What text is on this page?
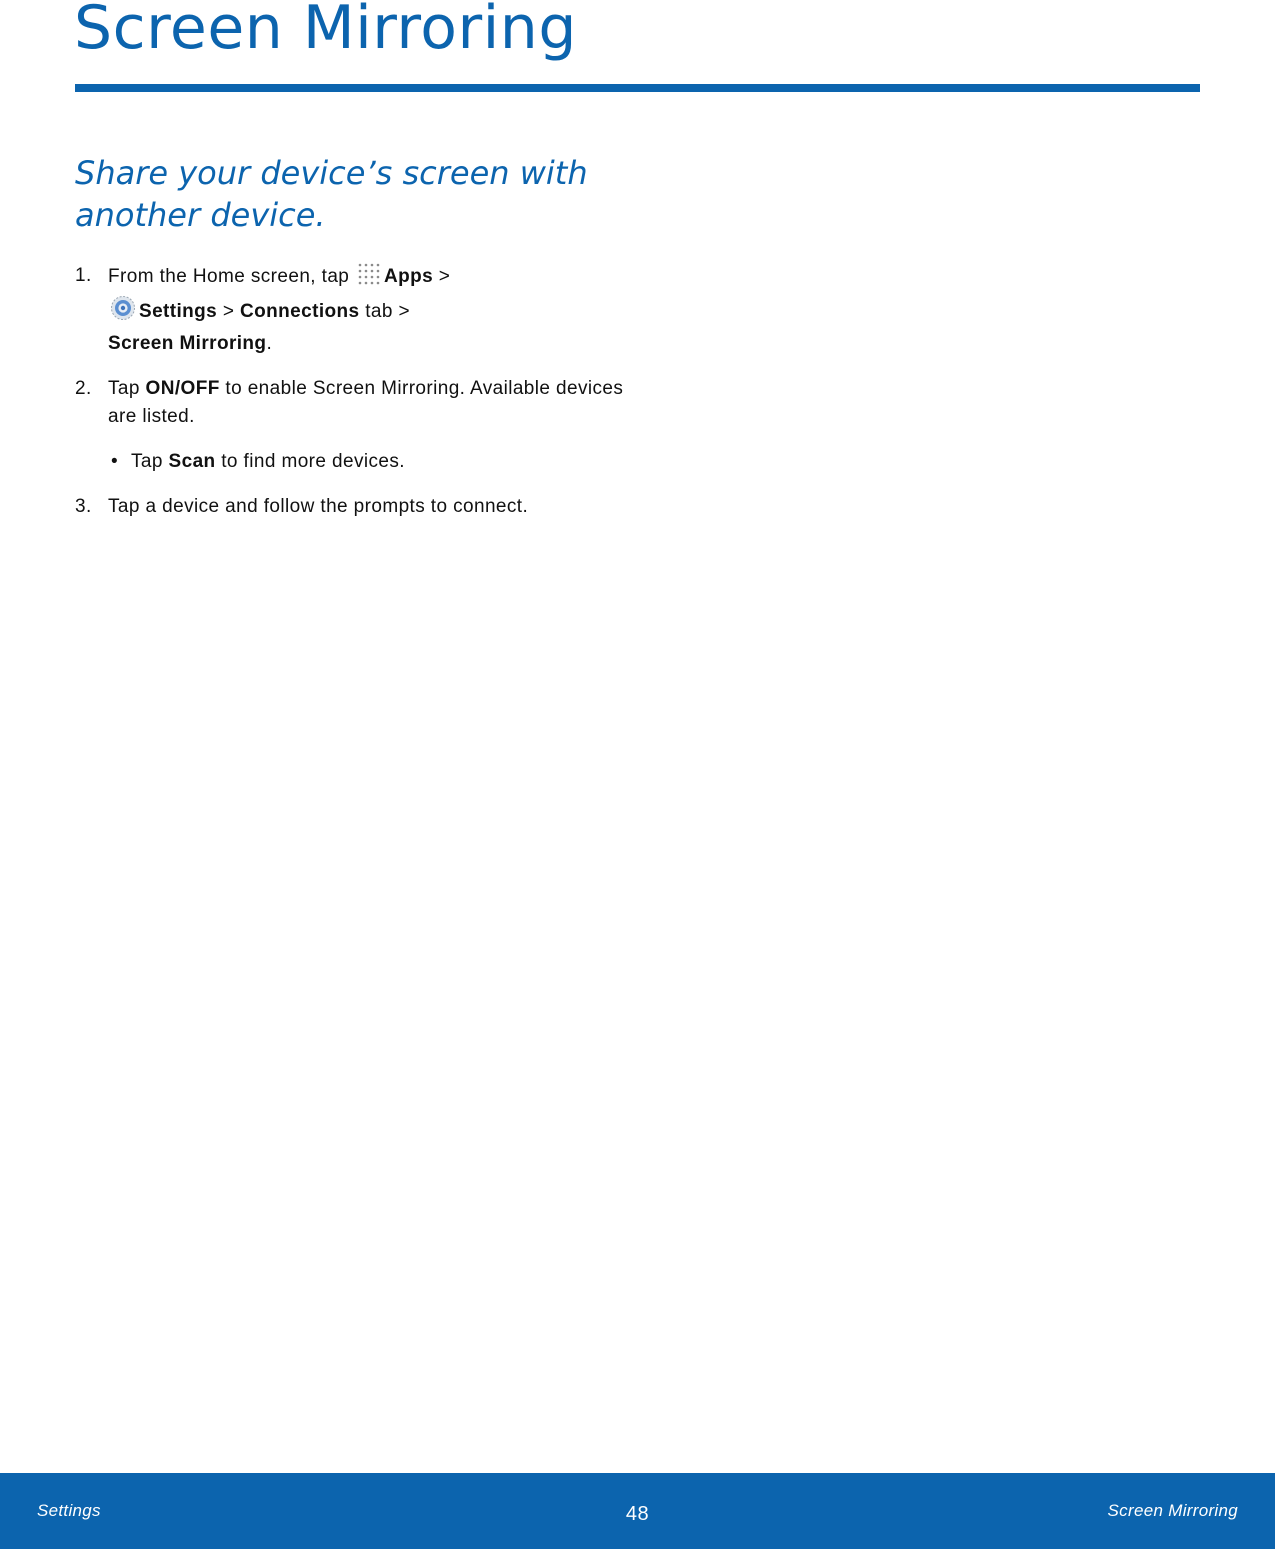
Screen Mirroring

Share your device’s screen with another device.

1. From the Home screen, tap Apps >
Settings > Connections tab >
Screen Mirroring.

2. Tap ON/OFF to enable Screen Mirroring. Available devices are listed.

• Tap Scan to find more devices.

3. Tap a device and follow the prompts to connect.

Settings	48	Screen Mirroring
